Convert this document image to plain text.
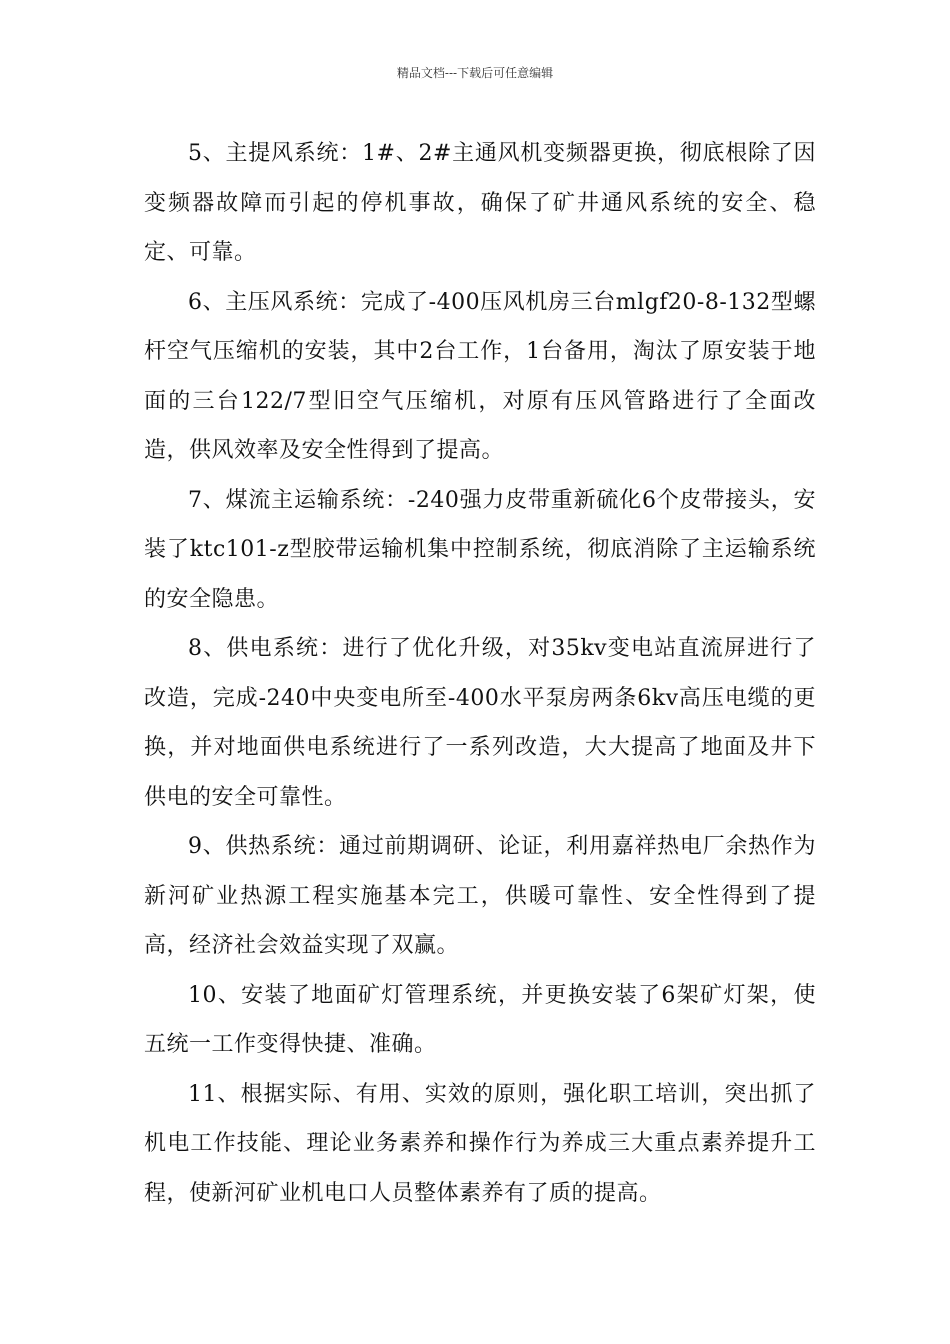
精品文档---下载后可任意编辑

5、主提风系统：1#、2#主通风机变频器更换，彻底根除了因变频器故障而引起的停机事故，确保了矿井通风系统的安全、稳定、可靠。

6、主压风系统：完成了-400压风机房三台mlgf20-8-132型螺杆空气压缩机的安装，其中2台工作，1台备用，淘汰了原安装于地面的三台122/7型旧空气压缩机，对原有压风管路进行了全面改造，供风效率及安全性得到了提高。

7、煤流主运输系统：-240强力皮带重新硫化6个皮带接头，安装了ktc101-z型胶带运输机集中控制系统，彻底消除了主运输系统的安全隐患。

8、供电系统：进行了优化升级，对35kv变电站直流屏进行了改造，完成-240中央变电所至-400水平泵房两条6kv高压电缆的更换，并对地面供电系统进行了一系列改造，大大提高了地面及井下供电的安全可靠性。

9、供热系统：通过前期调研、论证，利用嘉祥热电厂余热作为新河矿业热源工程实施基本完工，供暖可靠性、安全性得到了提高，经济社会效益实现了双赢。

10、安装了地面矿灯管理系统，并更换安装了6架矿灯架，使五统一工作变得快捷、准确。

11、根据实际、有用、实效的原则，强化职工培训，突出抓了机电工作技能、理论业务素养和操作行为养成三大重点素养提升工程，使新河矿业机电口人员整体素养有了质的提高。
